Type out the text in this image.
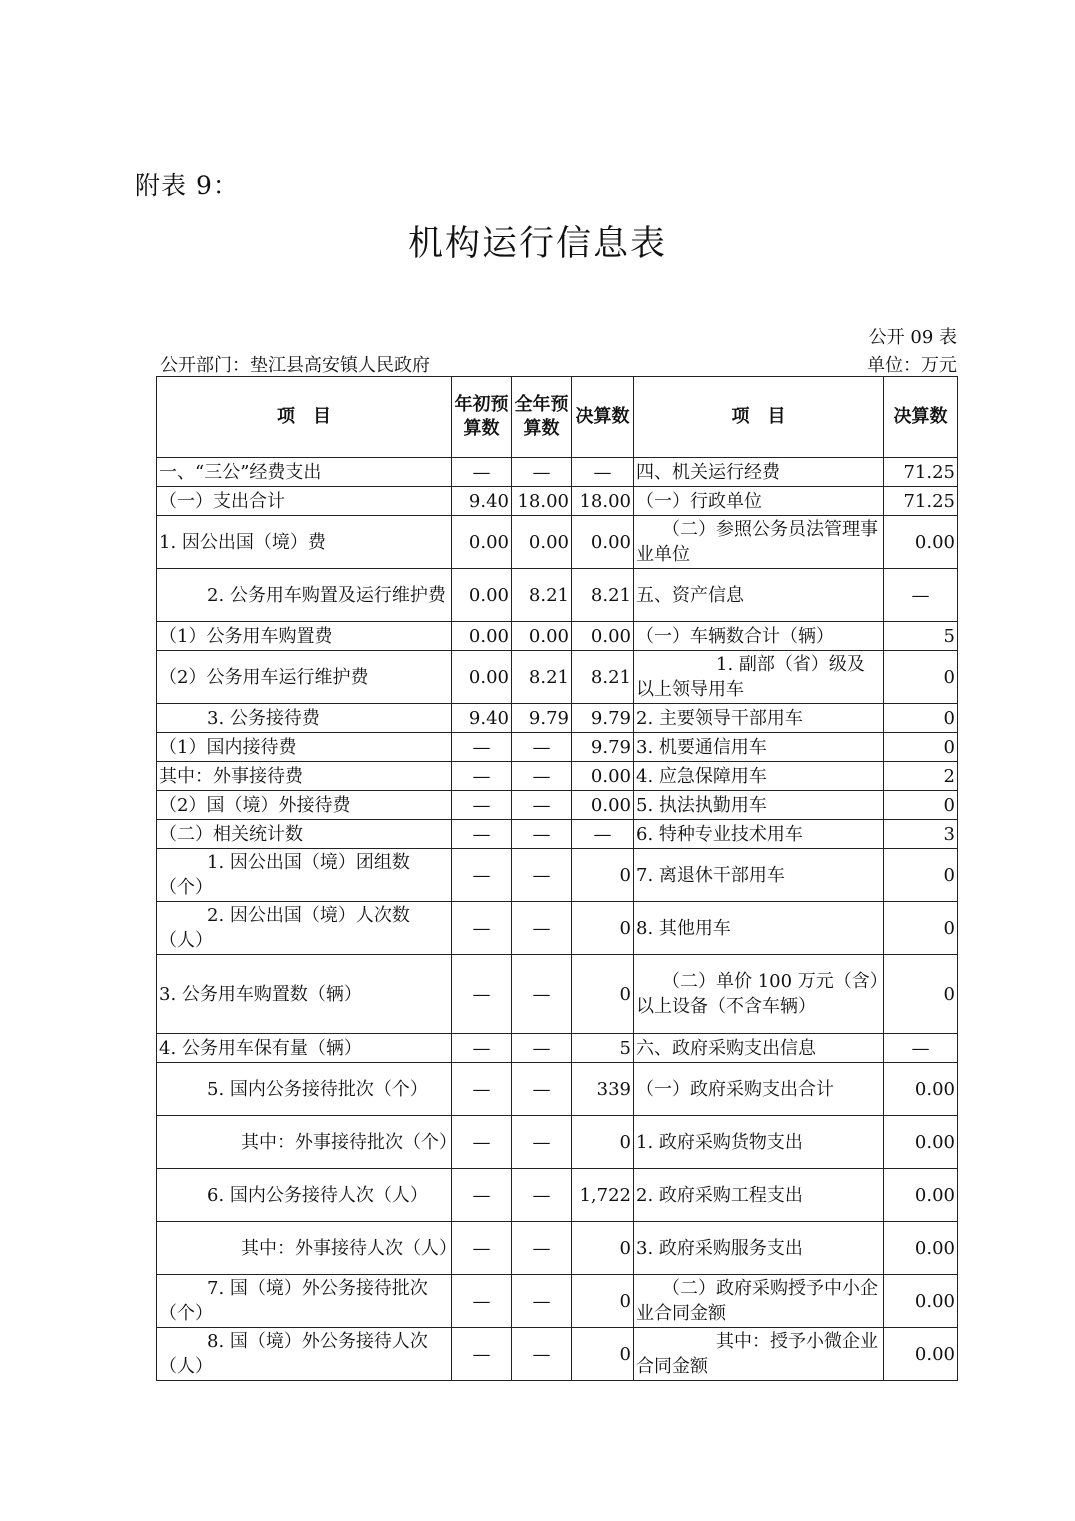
附表 9：
机构运行信息表
公开 09 表
公开部门：垫江县高安镇人民政府	单位：万元
项　目	年初预算数	全年预算数	决算数	项　目	决算数
一、“三公”经费支出	—	—	—	四、机关运行经费	71.25
（一）支出合计	9.40	18.00	18.00	（一）行政单位	71.25
1. 因公出国（境）费	0.00	0.00	0.00	（二）参照公务员法管理事业单位	0.00
2. 公务用车购置及运行维护费	0.00	8.21	8.21	五、资产信息	—
（1）公务用车购置费	0.00	0.00	0.00	（一）车辆数合计（辆）	5
（2）公务用车运行维护费	0.00	8.21	8.21	1. 副部（省）级及以上领导用车	0
3. 公务接待费	9.40	9.79	9.79	2. 主要领导干部用车	0
（1）国内接待费	—	—	9.79	3. 机要通信用车	0
其中：外事接待费	—	—	0.00	4. 应急保障用车	2
（2）国（境）外接待费	—	—	0.00	5. 执法执勤用车	0
（二）相关统计数	—	—	—	6. 特种专业技术用车	3
1. 因公出国（境）团组数（个）	—	—	0	7. 离退休干部用车	0
2. 因公出国（境）人次数（人）	—	—	0	8. 其他用车	0
3. 公务用车购置数（辆）	—	—	0	（二）单价 100 万元（含）以上设备（不含车辆）	0
4. 公务用车保有量（辆）	—	—	5	六、政府采购支出信息	—
5. 国内公务接待批次（个）	—	—	339	（一）政府采购支出合计	0.00
其中：外事接待批次（个）	—	—	0	1. 政府采购货物支出	0.00
6. 国内公务接待人次（人）	—	—	1,722	2. 政府采购工程支出	0.00
其中：外事接待人次（人）	—	—	0	3. 政府采购服务支出	0.00
7. 国（境）外公务接待批次（个）	—	—	0	（二）政府采购授予中小企业合同金额	0.00
8. 国（境）外公务接待人次（人）	—	—	0	其中：授予小微企业合同金额	0.00
